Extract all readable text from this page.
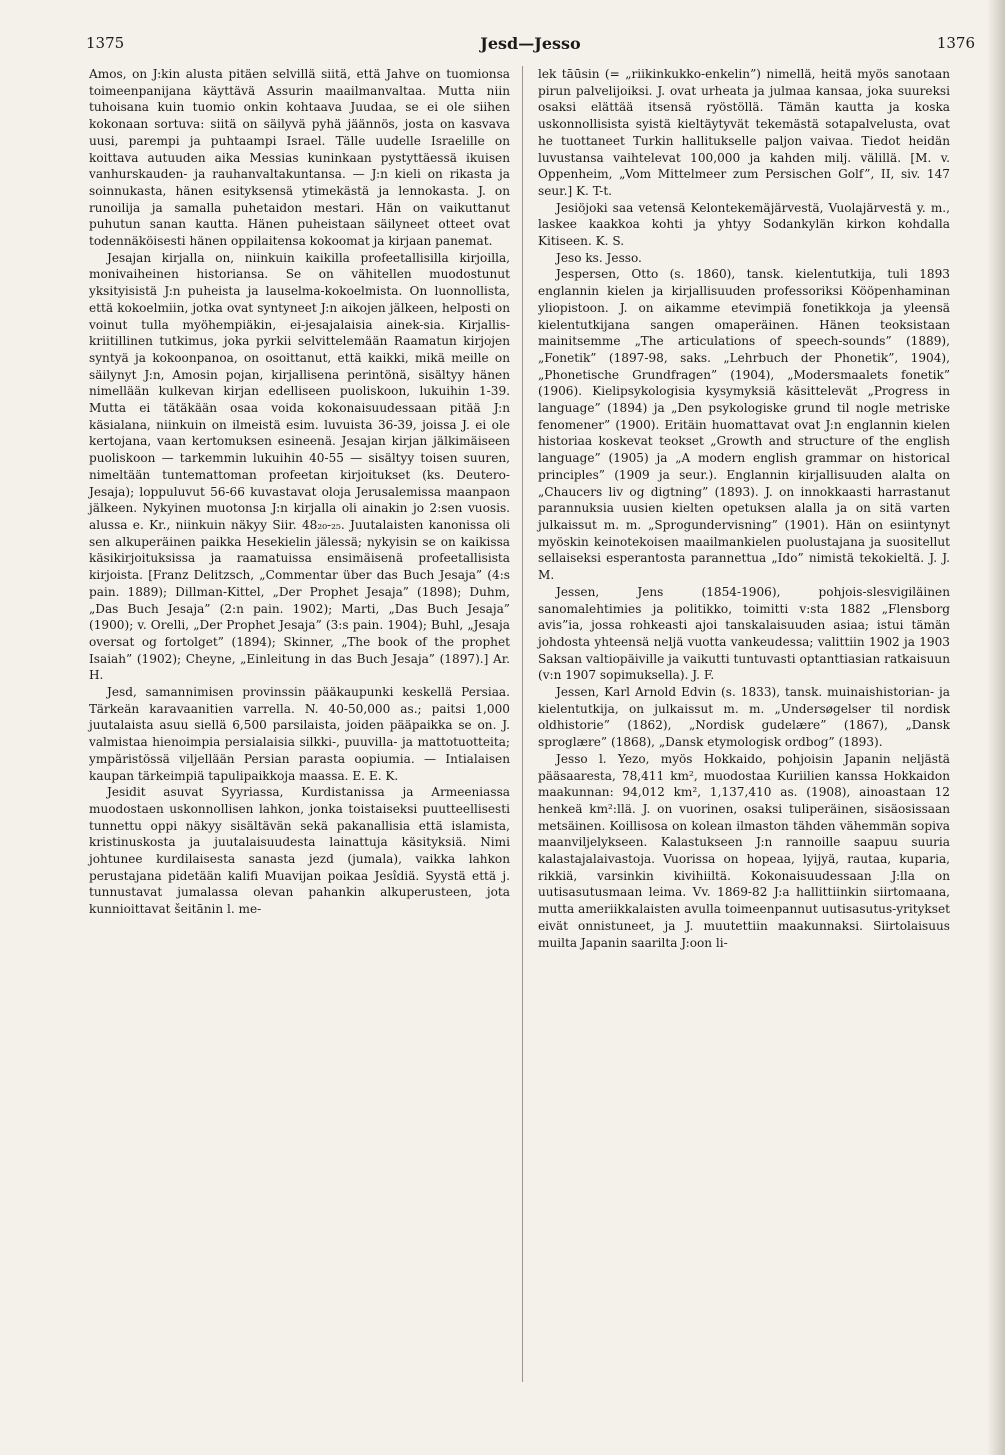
1375	Jesd—Jesso	1376

Amos, on J:kin alusta pitäen selvillä siitä, että Jahve on tuomionsa toimeenpanijana käyttävä Assurin maailmanvaltaa. Mutta niin tuhoisana kuin tuomio onkin kohtaava Juudaa, se ei ole siihen kokonaan sortuva: siitä on säilyvä pyhä jäännös, josta on kasvava uusi, parempi ja puhtaampi Israel. Tälle uudelle Israelille on koittava autuuden aika Messias kuninkaan pystyttäessä ikuisen vanhurskauden- ja rauhanvaltakuntansa. — J:n kieli on rikasta ja soinnukasta, hänen esityksensä ytimekästä ja lennokasta. J. on runoilija ja samalla puhetaidon mestari. Hän on vaikuttanut puhutun sanan kautta. Hänen puheistaan säilyneet otteet ovat todennäköisesti hänen oppilaitensa kokoomat ja kirjaan panemat.

Jesajan kirjalla on, niinkuin kaikilla profeetallisilla kirjoilla, monivaiheinen historiansa. Se on vähitellen muodostunut yksityisistä J:n puheista ja lauselma-kokoelmista. On luonnollista, että kokoelmiin, jotka ovat syntyneet J:n aikojen jälkeen, helposti on voinut tulla myöhempiäkin, ei-jesajalaisia ainek-sia. Kirjallis-kriitillinen tutkimus, joka pyrkii selvittelemään Raamatun kirjojen syntyä ja kokoonpanoa, on osoittanut, että kaikki, mikä meille on säilynyt J:n, Amosin pojan, kirjallisena perintönä, sisältyy hänen nimellään kulkevan kirjan edelliseen puoliskoon, lukuihin 1-39. Mutta ei tätäkään osaa voida kokonaisuudessaan pitää J:n käsialana, niinkuin on ilmeistä esim. luvuista 36-39, joissa J. ei ole kertojana, vaan kertomuksen esineenä. Jesajan kirjan jälkimäiseen puoliskoon — tarkemmin lukuihin 40-55 — sisältyy toisen suuren, nimeltään tuntemattoman profeetan kirjoitukset (ks. Deutero-Jesaja); loppuluvut 56-66 kuvastavat oloja Jerusalemissa maanpaon jälkeen. Nykyinen muotonsa J:n kirjalla oli ainakin jo 2:sen vuosis. alussa e. Kr., niinkuin näkyy Siir. 48₂₀-₂₅. Juutalaisten kanonissa oli sen alkuperäinen paikka Hesekielin jälessä; nykyisin se on kaikissa käsikirjoituksissa ja raamatuissa ensimäisenä profeetallisista kirjoista. [Franz Delitzsch, „Commentar über das Buch Jesaja” (4:s pain. 1889); Dillman-Kittel, „Der Prophet Jesaja” (1898); Duhm, „Das Buch Jesaja” (2:n pain. 1902); Marti, „Das Buch Jesaja” (1900); v. Orelli, „Der Prophet Jesaja” (3:s pain. 1904); Buhl, „Jesaja oversat og fortolget” (1894); Skinner, „The book of the prophet Isaiah” (1902); Cheyne, „Einleitung in das Buch Jesaja” (1897).] Ar. H.

Jesd, samannimisen provinssin pääkaupunki keskellä Persiaa. Tärkeän karavaanitien varrella. N. 40-50,000 as.; paitsi 1,000 juutalaista asuu siellä 6,500 parsilaista, joiden pääpaikka se on. J. valmistaa hienoimpia persialaisia silkki-, puuvilla- ja mattotuotteita; ympäristössä viljellään Persian parasta oopiumia. — Intialaisen kaupan tärkeimpiä tapulipaikkoja maassa. E. E. K.

Jesidit asuvat Syyriassa, Kurdistanissa ja Armeeniassa muodostaen uskonnollisen lahkon, jonka toistaiseksi puutteellisesti tunnettu oppi näkyy sisältävän sekä pakanallisia että islamista, kristinuskosta ja juutalaisuudesta lainattuja käsityksiä. Nimi johtunee kurdilaisesta sanasta jezd (jumala), vaikka lahkon perustajana pidetään kalifi Muavijan poikaa Jesîdiä. Syystä että j. tunnustavat jumalassa olevan pahankin alkuperusteen, jota kunnioittavat šeitānin l. me-

lek tāūsin (= „riikinkukko-enkelin”) nimellä, heitä myös sanotaan pirun palvelijoiksi. J. ovat urheata ja julmaa kansaa, joka suureksi osaksi elättää itsensä ryöstöllä. Tämän kautta ja koska uskonnollisista syistä kieltäytyvät tekemästä sotapalvelusta, ovat he tuottaneet Turkin hallitukselle paljon vaivaa. Tiedot heidän luvustansa vaihtelevat 100,000 ja kahden milj. välillä. [M. v. Oppenheim, „Vom Mittelmeer zum Persischen Golf”, II, siv. 147 seur.] K. T-t.

Jesiöjoki saa vetensä Kelontekemäjärvestä, Vuolajärvestä y. m., laskee kaakkoa kohti ja yhtyy Sodankylän kirkon kohdalla Kitiseen. K. S.

Jeso ks. Jesso.

Jespersen, Otto (s. 1860), tansk. kielentutkija, tuli 1893 englannin kielen ja kirjallisuuden professoriksi Kööpenhaminan yliopistoon. J. on aikamme etevimpiä fonetikkoja ja yleensä kielentutkijana sangen omaperäinen. Hänen teoksistaan mainitsemme „The articulations of speech-sounds” (1889), „Fonetik” (1897-98, saks. „Lehrbuch der Phonetik”, 1904), „Phonetische Grundfragen” (1904), „Modersmaalets fonetik” (1906). Kielipsykologisia kysymyksiä käsittelevät „Progress in language” (1894) ja „Den psykologiske grund til nogle metriske fenomener” (1900). Eritäin huomattavat ovat J:n englannin kielen historiaa koskevat teokset „Growth and structure of the english language” (1905) ja „A modern english grammar on historical principles” (1909 ja seur.). Englannin kirjallisuuden alalta on „Chaucers liv og digtning” (1893). J. on innokkaasti harrastanut parannuksia uusien kielten opetuksen alalla ja on sitä varten julkaissut m. m. „Sprogundervisning” (1901). Hän on esiintynyt myöskin keinotekoisen maailmankielen puolustajana ja suositellut sellaiseksi esperantosta parannettua „Ido” nimistä tekokieltä. J. J. M.

Jessen, Jens (1854-1906), pohjois-slesvigiläinen sanomalehtimies ja politikko, toimitti v:sta 1882 „Flensborg avis”ia, jossa rohkeasti ajoi tanskalaisuuden asiaa; istui tämän johdosta yhteensä neljä vuotta vankeudessa; valittiin 1902 ja 1903 Saksan valtiopäiville ja vaikutti tuntuvasti optanttiasian ratkaisuun (v:n 1907 sopimuksella). J. F.

Jessen, Karl Arnold Edvin (s. 1833), tansk. muinaishistorian- ja kielentutkija, on julkaissut m. m. „Undersøgelser til nordisk oldhistorie” (1862), „Nordisk gudelære” (1867), „Dansk sproglære” (1868), „Dansk etymologisk ordbog” (1893).

Jesso l. Yezo, myös Hokkaido, pohjoisin Japanin neljästä pääsaaresta, 78,411 km², muodostaa Kuriilien kanssa Hokkaidon maakunnan: 94,012 km², 1,137,410 as. (1908), ainoastaan 12 henkeä km²:llä. J. on vuorinen, osaksi tuliperäinen, sisäosissaan metsäinen. Koillisosa on kolean ilmaston tähden vähemmän sopiva maanviljelykseen. Kalastukseen J:n rannoille saapuu suuria kalastajalaivastoja. Vuorissa on hopeaa, lyijyä, rautaa, kuparia, rikkiä, varsinkin kivihiiltä. Kokonaisuudessaan J:lla on uutisasutusmaan leima. Vv. 1869-82 J:a hallittiinkin siirtomaana, mutta ameriikkalaisten avulla toimeenpannut uutisasutus-yritykset eivät onnistuneet, ja J. muutettiin maakunnaksi. Siirtolaisuus muilta Japanin saarilta J:oon li-
